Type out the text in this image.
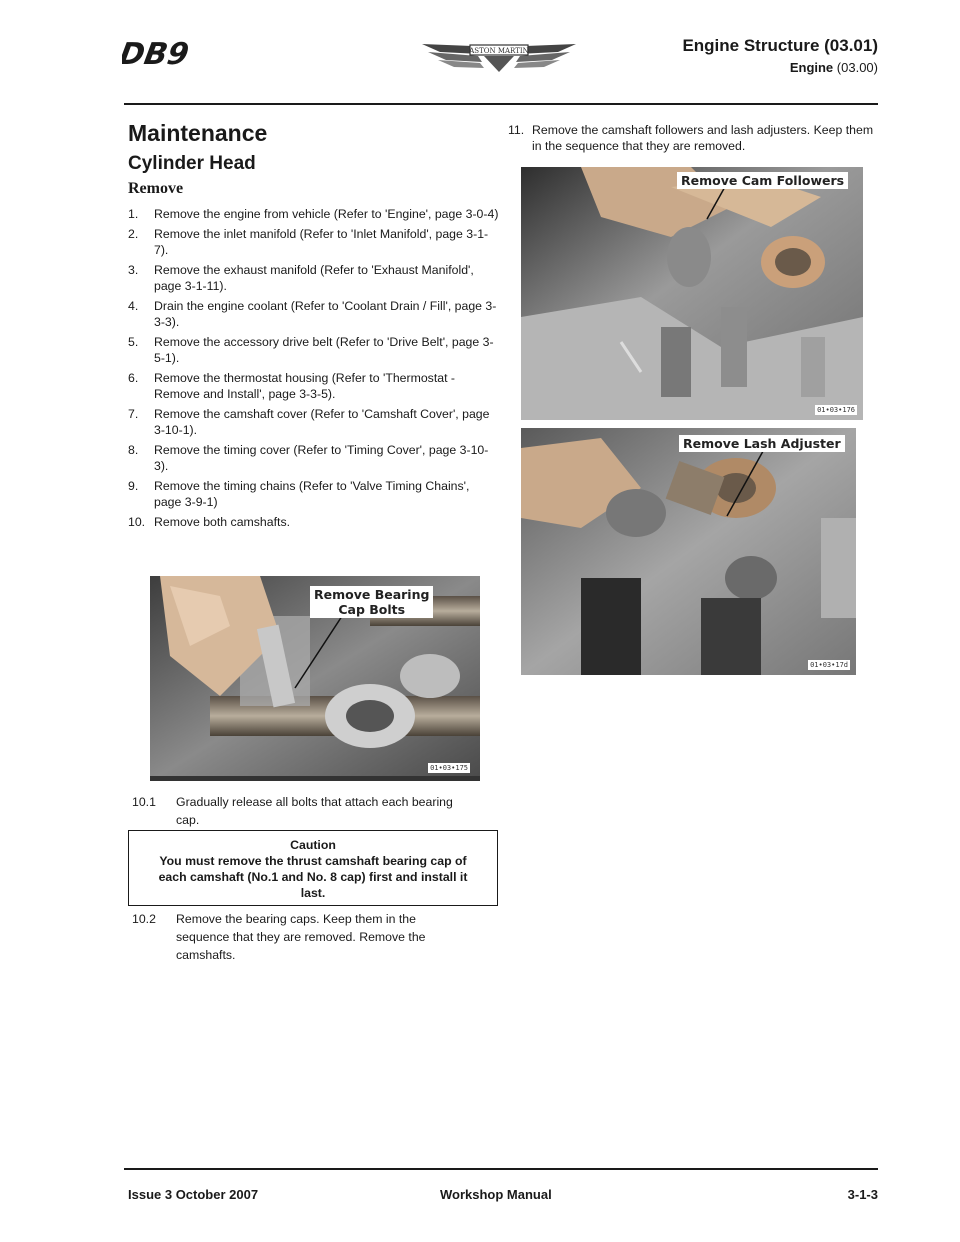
DB9	ASTON MARTIN	Engine Structure (03.01)
Engine (03.00)
Maintenance
Cylinder Head
Remove
1. Remove the engine from vehicle (Refer to 'Engine', page 3-0-4)
2. Remove the inlet manifold (Refer to 'Inlet Manifold', page 3-1-7).
3. Remove the exhaust manifold (Refer to 'Exhaust Manifold', page 3-1-11).
4. Drain the engine coolant (Refer to 'Coolant Drain / Fill', page 3-3-3).
5. Remove the accessory drive belt (Refer to 'Drive Belt', page 3-5-1).
6. Remove the thermostat housing (Refer to 'Thermostat - Remove and Install', page 3-3-5).
7. Remove the camshaft cover (Refer to 'Camshaft Cover', page 3-10-1).
8. Remove the timing cover (Refer to 'Timing Cover', page 3-10-3).
9. Remove the timing chains (Refer to 'Valve Timing Chains', page 3-9-1)
10. Remove both camshafts.
Remove Bearing
Cap Bolts
01•03•175
10.1 Gradually release all bolts that attach each bearing
cap.
Caution
You must remove the thrust camshaft bearing cap of
each camshaft (No.1 and No. 8 cap) first and install it
last.
10.2 Remove the bearing caps. Keep them in the
sequence that they are removed. Remove the
camshafts.
11. Remove the camshaft followers and lash adjusters. Keep them in the sequence that they are removed.
Remove Cam Followers
01•03•176
Remove Lash Adjuster
01•03•17d
Issue 3 October 2007	Workshop Manual	3-1-3
